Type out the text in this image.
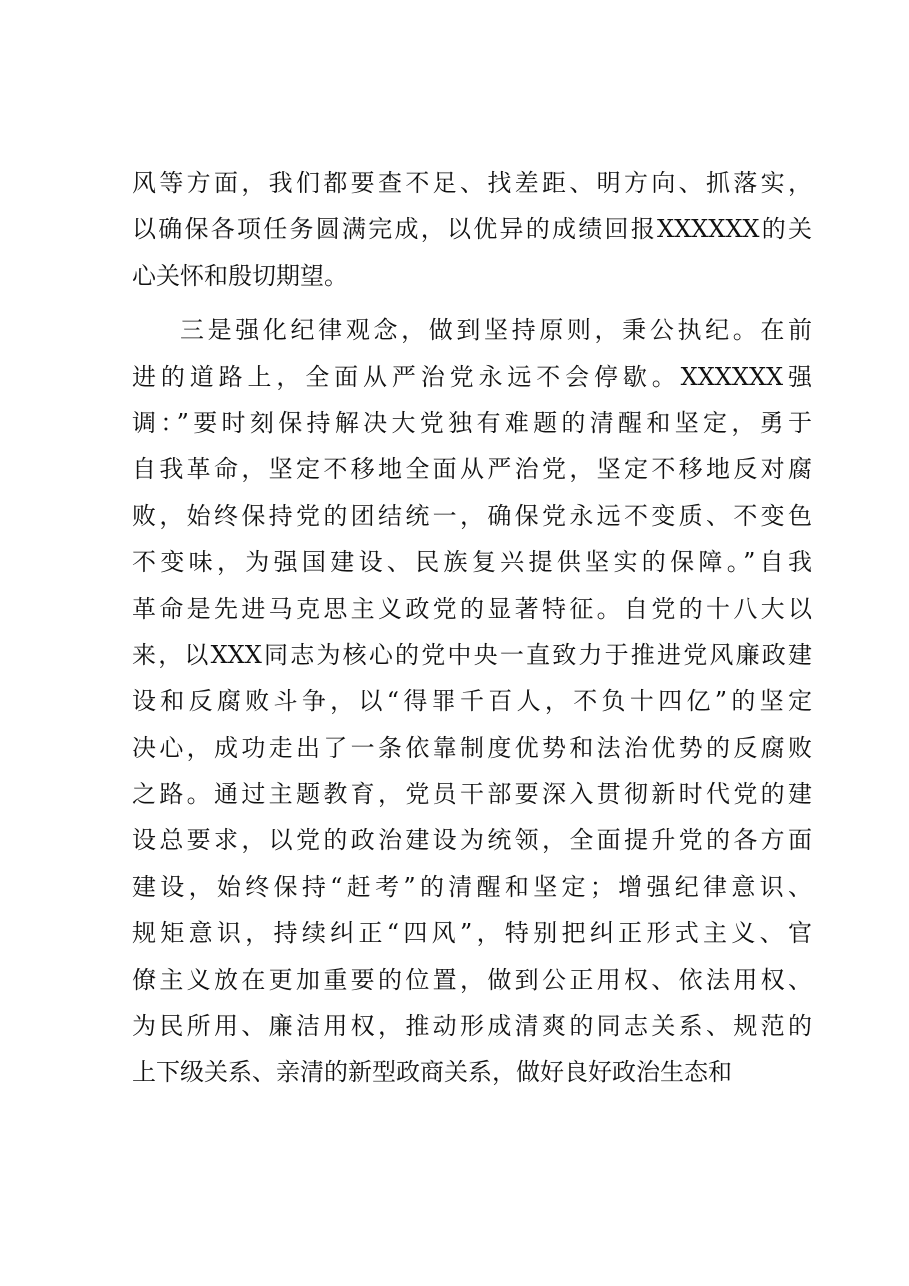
风等方面，我们都要查不足、找差距、明方向、抓落实，
以确保各项任务圆满完成，以优异的成绩回报XXXXXX的关
心关怀和殷切期望。
三是强化纪律观念，做到坚持原则，秉公执纪。在前
进的道路上，全面从严治党永远不会停歇。XXXXXX强
调：”要时刻保持解决大党独有难题的清醒和坚定，勇于
自我革命，坚定不移地全面从严治党，坚定不移地反对腐
败，始终保持党的团结统一，确保党永远不变质、不变色
不变味，为强国建设、民族复兴提供坚实的保障。”自我
革命是先进马克思主义政党的显著特征。自党的十八大以
来，以XXX同志为核心的党中央一直致力于推进党风廉政建
设和反腐败斗争，以“得罪千百人，不负十四亿”的坚定
决心，成功走出了一条依靠制度优势和法治优势的反腐败
之路。通过主题教育，党员干部要深入贯彻新时代党的建
设总要求，以党的政治建设为统领，全面提升党的各方面
建设，始终保持“赶考”的清醒和坚定；增强纪律意识、
规矩意识，持续纠正“四风”，特别把纠正形式主义、官
僚主义放在更加重要的位置，做到公正用权、依法用权、
为民所用、廉洁用权，推动形成清爽的同志关系、规范的
上下级关系、亲清的新型政商关系，做好良好政治生态和
